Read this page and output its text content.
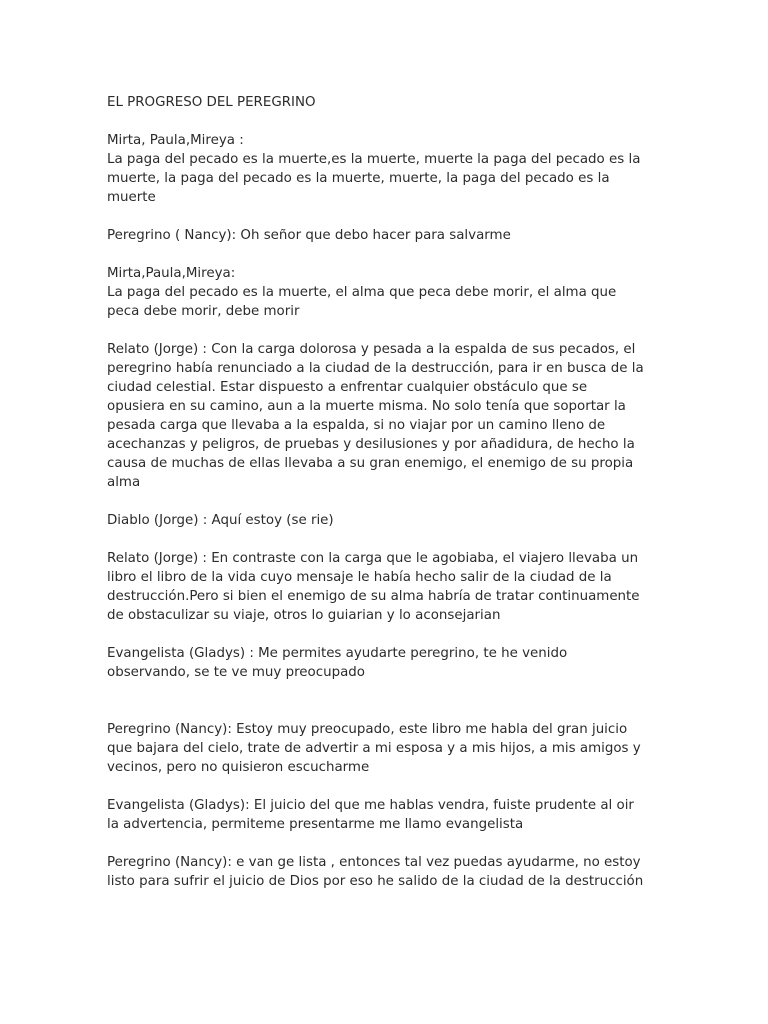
EL PROGRESO DEL PEREGRINO
Mirta, Paula,Mireya :
La paga del pecado es la muerte,es la muerte, muerte la paga del pecado es la
muerte, la paga del pecado es la muerte, muerte, la paga del pecado es la
muerte
Peregrino ( Nancy): Oh señor que debo hacer para salvarme
Mirta,Paula,Mireya:
La paga del pecado es la muerte, el alma que peca debe morir, el alma que
peca debe morir, debe morir
Relato (Jorge) : Con la carga dolorosa y pesada a la espalda de sus pecados, el
peregrino había renunciado a la ciudad de la destrucción, para ir en busca de la
ciudad celestial. Estar dispuesto a enfrentar cualquier obstáculo que se
opusiera en su camino, aun a la muerte misma. No solo tenía que soportar la
pesada carga que llevaba a la espalda, si no viajar por un camino lleno de
acechanzas y peligros, de pruebas y desilusiones y por añadidura, de hecho la
causa de muchas de ellas llevaba a su gran enemigo, el enemigo de su propia
alma
Diablo (Jorge) : Aquí estoy (se rie)
Relato (Jorge) : En contraste con la carga que le agobiaba, el viajero llevaba un
libro el libro de la vida cuyo mensaje le había hecho salir de la ciudad de la
destrucción.Pero si bien el enemigo de su alma habría de tratar continuamente
de obstaculizar su viaje, otros lo guiarian y lo aconsejarian
Evangelista (Gladys) : Me permites ayudarte peregrino, te he venido
observando, se te ve muy preocupado
Peregrino (Nancy): Estoy muy preocupado, este libro me habla del gran juicio
que bajara del cielo, trate de advertir a mi esposa y a mis hijos, a mis amigos y
vecinos, pero no quisieron escucharme
Evangelista (Gladys): El juicio del que me hablas vendra, fuiste prudente al oir
la advertencia, permiteme presentarme me llamo evangelista
Peregrino (Nancy): e van ge lista , entonces tal vez puedas ayudarme, no estoy
listo para sufrir el juicio de Dios por eso he salido de la ciudad de la destrucción
